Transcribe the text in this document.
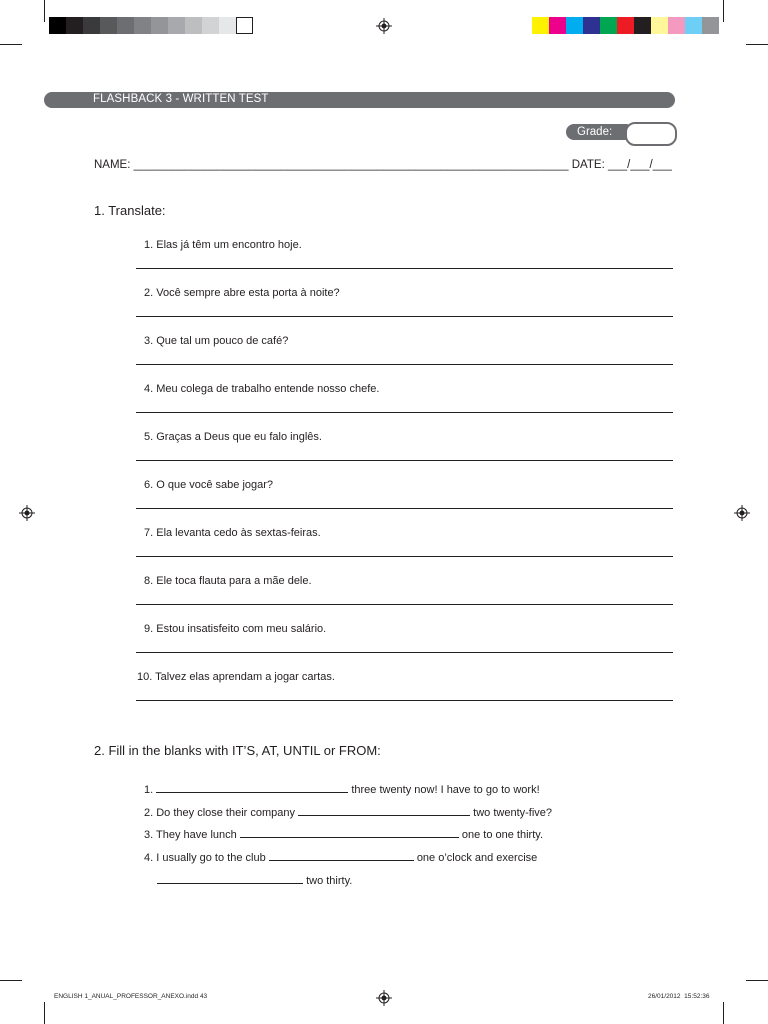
FLASHBACK 3 - WRITTEN TEST
Grade:
NAME: ____________________________________________________________________ DATE: ___/___/___
1. Translate:
1. Elas já têm um encontro hoje.
2. Você sempre abre esta porta à noite?
3. Que tal um pouco de café?
4. Meu colega de trabalho entende nosso chefe.
5. Graças a Deus que eu falo inglês.
6. O que você sabe jogar?
7. Ela levanta cedo às sextas-feiras.
8. Ele toca flauta para a mãe dele.
9. Estou insatisfeito com meu salário.
10. Talvez elas aprendam a jogar cartas.
2. Fill in the blanks with IT’S, AT, UNTIL or FROM:
1.	three twenty now! I have to go to work!
2. Do they close their company	two twenty-five?
3. They have lunch	one to one thirty.
4. I usually go to the club	one o’clock and exercise
two thirty.
ENGLISH 1_ANUAL_PROFESSOR_ANEXO.indd 43	26/01/2012 15:52:36
